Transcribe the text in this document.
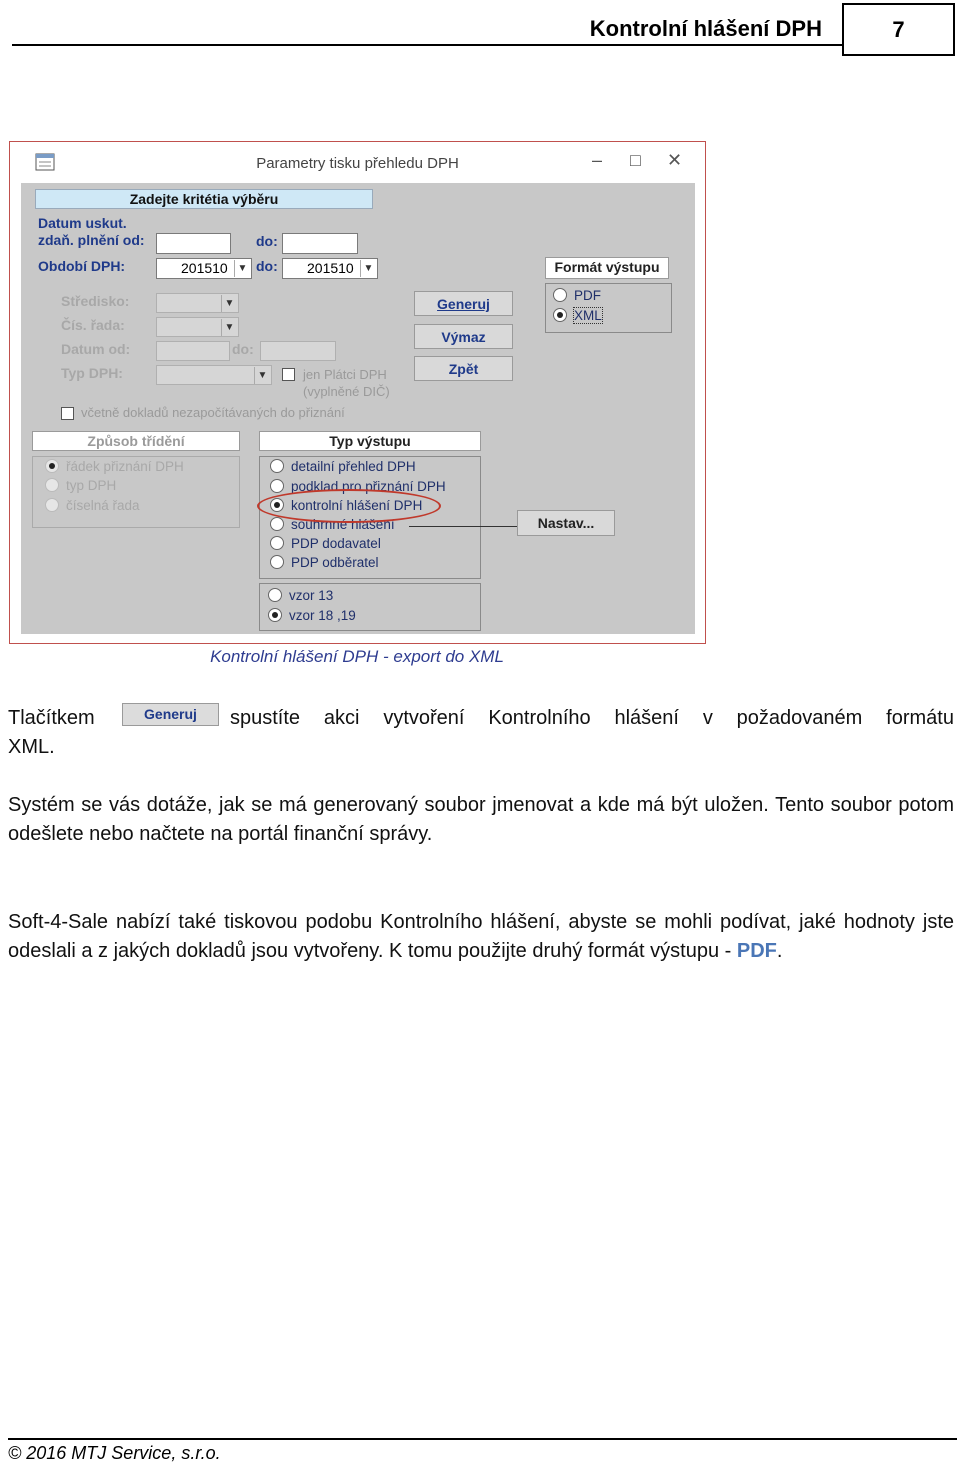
Kontrolní hlášení DPH	7
Parametry tisku přehledu DPH	– □ ✕
Zadejte kritétia výběru
Datum uskut.
zdaň. plnění od:	do:
Období DPH:	201510 ▼ do:	201510 ▼
Středisko:	▼
Čís. řada:	▼
Datum od:	do:
Typ DPH:	▼	jen Plátci DPH
(vyplněné DIČ)
včetně dokladů nezapočítávaných do přiznání
Generuj
Výmaz
Zpět
Formát výstupu
PDF
XML
Způsob třídění
řádek přiznání DPH
typ DPH
číselná řada
Typ výstupu
detailní přehled DPH
podklad pro přiznání DPH
kontrolní hlášení DPH
souhrnné hlášení
PDP dodavatel
PDP odběratel
Nastav...
vzor 13
vzor 18 ,19
Kontrolní hlášení DPH - export do XML
Tlačítkem	Generuj	spustíte akci vytvoření Kontrolního hlášení v požadovaném formátu
XML.
Systém se vás dotáže, jak se má generovaný soubor jmenovat a kde má být uložen. Tento soubor potom odešlete nebo načtete na portál finanční správy.
Soft-4-Sale nabízí také tiskovou podobu Kontrolního hlášení, abyste se mohli podívat, jaké hodnoty jste odeslali a z jakých dokladů jsou vytvořeny. K tomu použijte druhý formát výstupu - PDF.
© 2016 MTJ Service, s.r.o.
